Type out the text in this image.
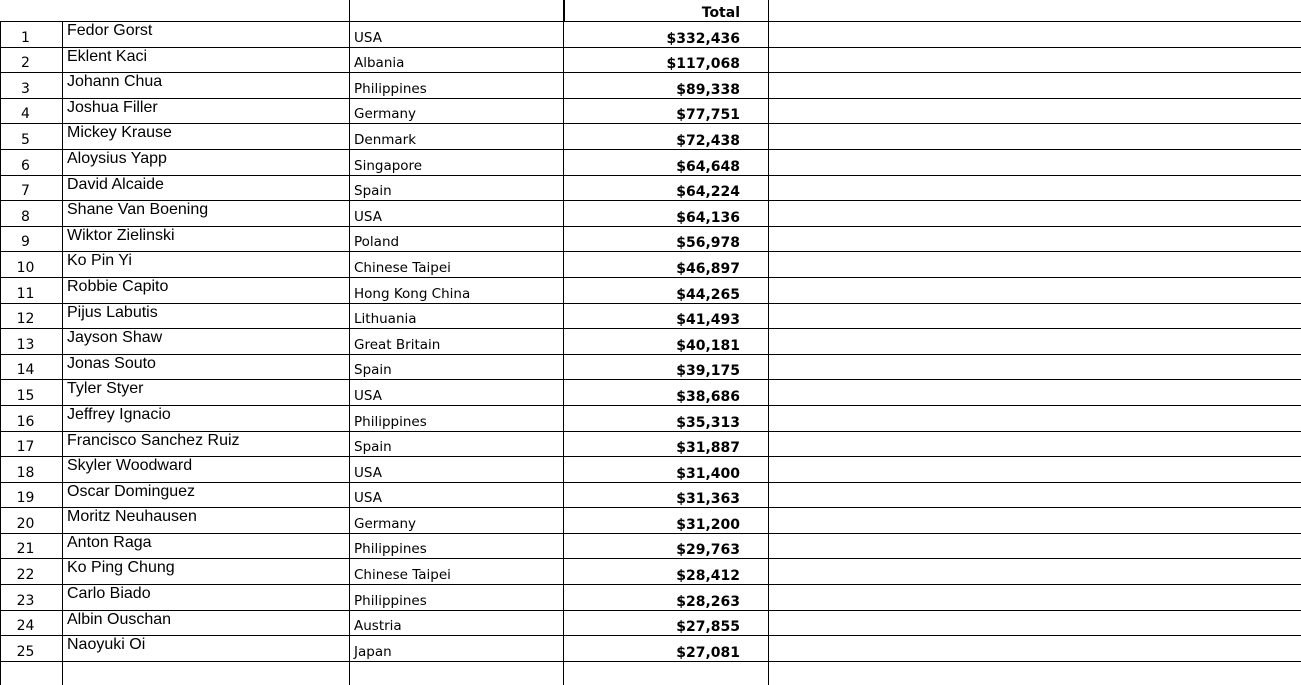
			Total	
1	Fedor Gorst	USA	$332,436	
2	Eklent Kaci	Albania	$117,068	
3	Johann Chua	Philippines	$89,338	
4	Joshua Filler	Germany	$77,751	
5	Mickey Krause	Denmark	$72,438	
6	Aloysius Yapp	Singapore	$64,648	
7	David Alcaide	Spain	$64,224	
8	Shane Van Boening	USA	$64,136	
9	Wiktor Zielinski	Poland	$56,978	
10	Ko Pin Yi	Chinese Taipei	$46,897	
11	Robbie Capito	Hong Kong China	$44,265	
12	Pijus Labutis	Lithuania	$41,493	
13	Jayson Shaw	Great Britain	$40,181	
14	Jonas Souto	Spain	$39,175	
15	Tyler Styer	USA	$38,686	
16	Jeffrey Ignacio	Philippines	$35,313	
17	Francisco Sanchez Ruiz	Spain	$31,887	
18	Skyler Woodward	USA	$31,400	
19	Oscar Dominguez	USA	$31,363	
20	Moritz Neuhausen	Germany	$31,200	
21	Anton Raga	Philippines	$29,763	
22	Ko Ping Chung	Chinese Taipei	$28,412	
23	Carlo Biado	Philippines	$28,263	
24	Albin Ouschan	Austria	$27,855	
25	Naoyuki Oi	Japan	$27,081	
